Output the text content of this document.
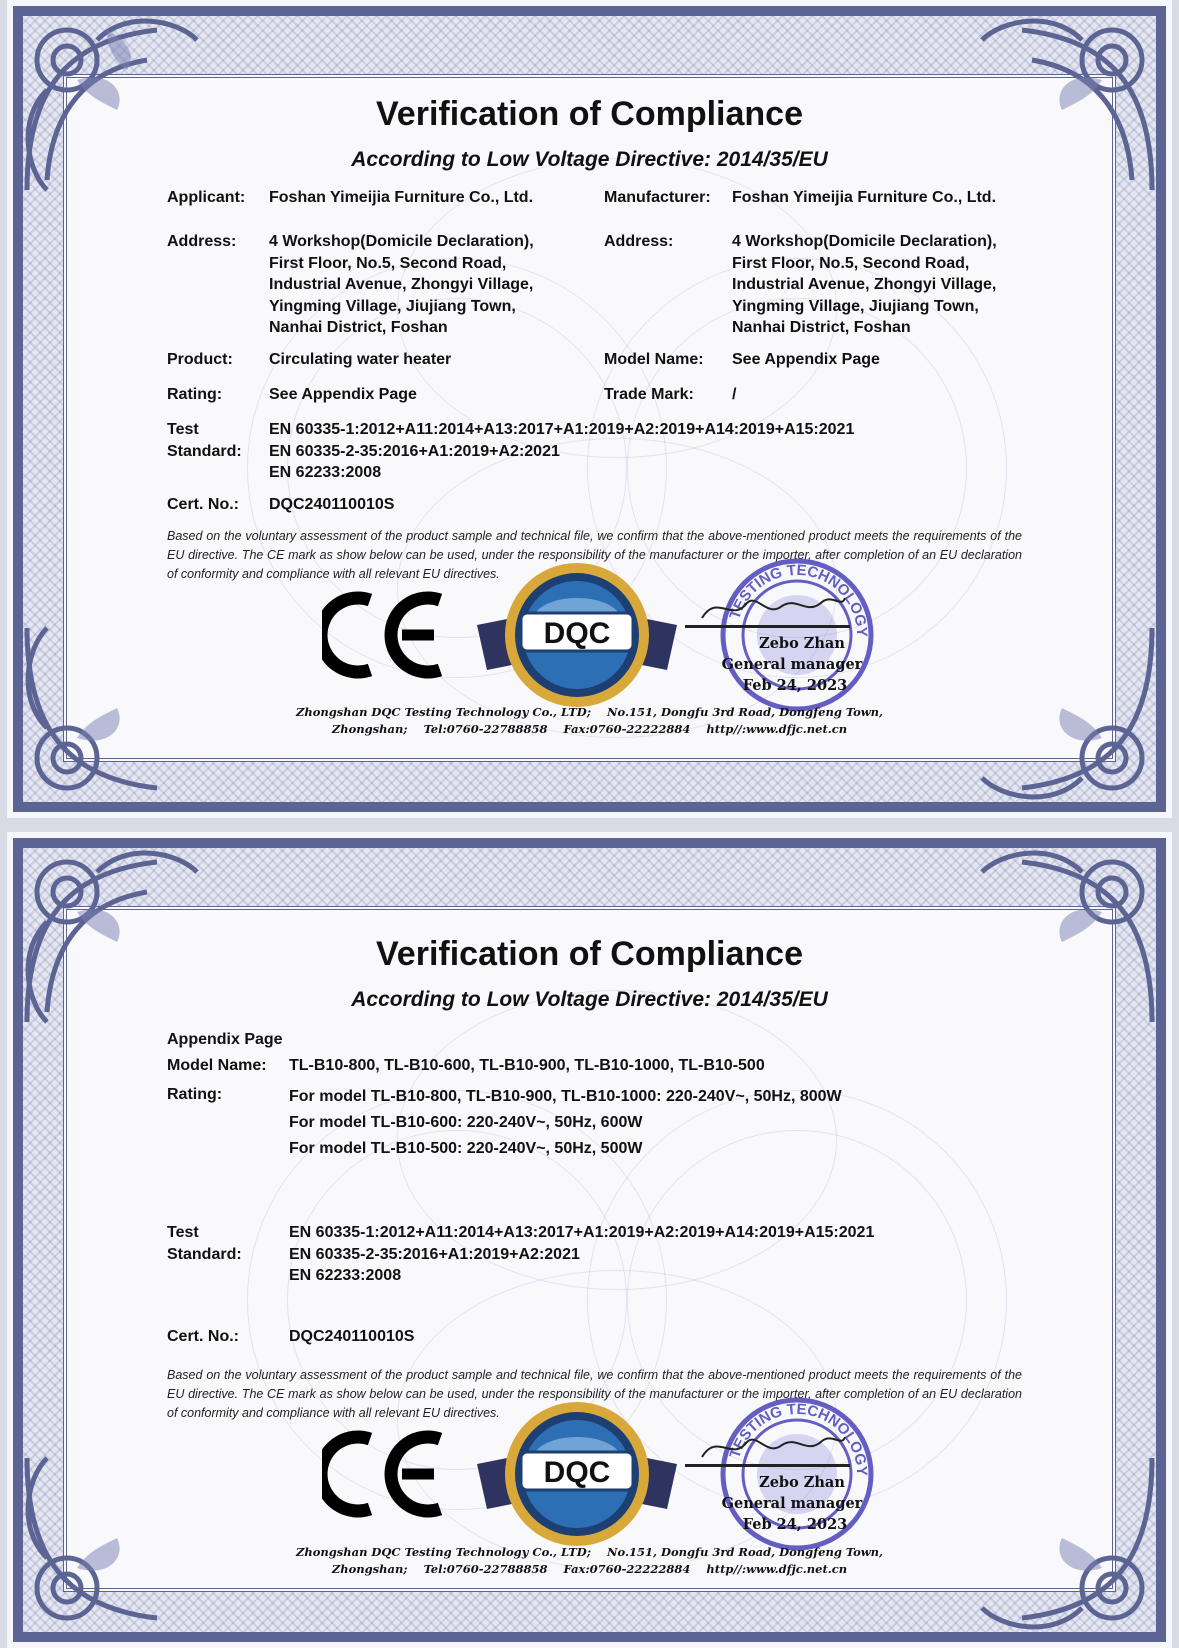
Verification of Compliance
According to Low Voltage Directive: 2014/35/EU
Applicant: Foshan Yimeijia Furniture Co., Ltd.	Manufacturer: Foshan Yimeijia Furniture Co., Ltd.
Address: 4 Workshop(Domicile Declaration),
First Floor, No.5, Second Road,
Industrial Avenue, Zhongyi Village,
Yingming Village, Jiujiang Town,
Nanhai District, Foshan
Address:	4 Workshop(Domicile Declaration),
First Floor, No.5, Second Road,
Industrial Avenue, Zhongyi Village,
Yingming Village, Jiujiang Town,
Nanhai District, Foshan
Product: Circulating water heater	Model Name: See Appendix Page
Rating:	See Appendix Page	Trade Mark: /
Test
Standard:
EN 60335-1:2012+A11:2014+A13:2017+A1:2019+A2:2019+A14:2019+A15:2021
EN 60335-2-35:2016+A1:2019+A2:2021
EN 62233:2008
Cert. No.: DQC240110010S
Based on the voluntary assessment of the product sample and technical file, we confirm that the above-mentioned product meets the requirements of the EU directive. The CE mark as show below can be used, under the responsibility of the manufacturer or the importer, after completion of an EU declaration of conformity and compliance with all relevant EU directives.
CE
DQC
TESTING TECHNOLOGY
Zebo Zhan
General manager
Feb 24, 2023
Zhongshan DQC Testing Technology Co., LTD; No.151, Dongfu 3rd Road, Dongfeng Town,
Zhongshan; Tel:0760-22788858 Fax:0760-22222884 http//:www.dfjc.net.cn
Verification of Compliance
According to Low Voltage Directive: 2014/35/EU
Appendix Page
Model Name: TL-B10-800, TL-B10-600, TL-B10-900, TL-B10-1000, TL-B10-500
Rating:	For model TL-B10-800, TL-B10-900, TL-B10-1000: 220-240V~, 50Hz, 800W
For model TL-B10-600: 220-240V~, 50Hz, 600W
For model TL-B10-500: 220-240V~, 50Hz, 500W
Test
Standard:
EN 60335-1:2012+A11:2014+A13:2017+A1:2019+A2:2019+A14:2019+A15:2021
EN 60335-2-35:2016+A1:2019+A2:2021
EN 62233:2008
Cert. No.:	DQC240110010S
Based on the voluntary assessment of the product sample and technical file, we confirm that the above-mentioned product meets the requirements of the EU directive. The CE mark as show below can be used, under the responsibility of the manufacturer or the importer, after completion of an EU declaration of conformity and compliance with all relevant EU directives.
CE
DQC
TESTING TECHNOLOGY
Zebo Zhan
General manager
Feb 24, 2023
Zhongshan DQC Testing Technology Co., LTD; No.151, Dongfu 3rd Road, Dongfeng Town,
Zhongshan; Tel:0760-22788858 Fax:0760-22222884 http//:www.dfjc.net.cn
